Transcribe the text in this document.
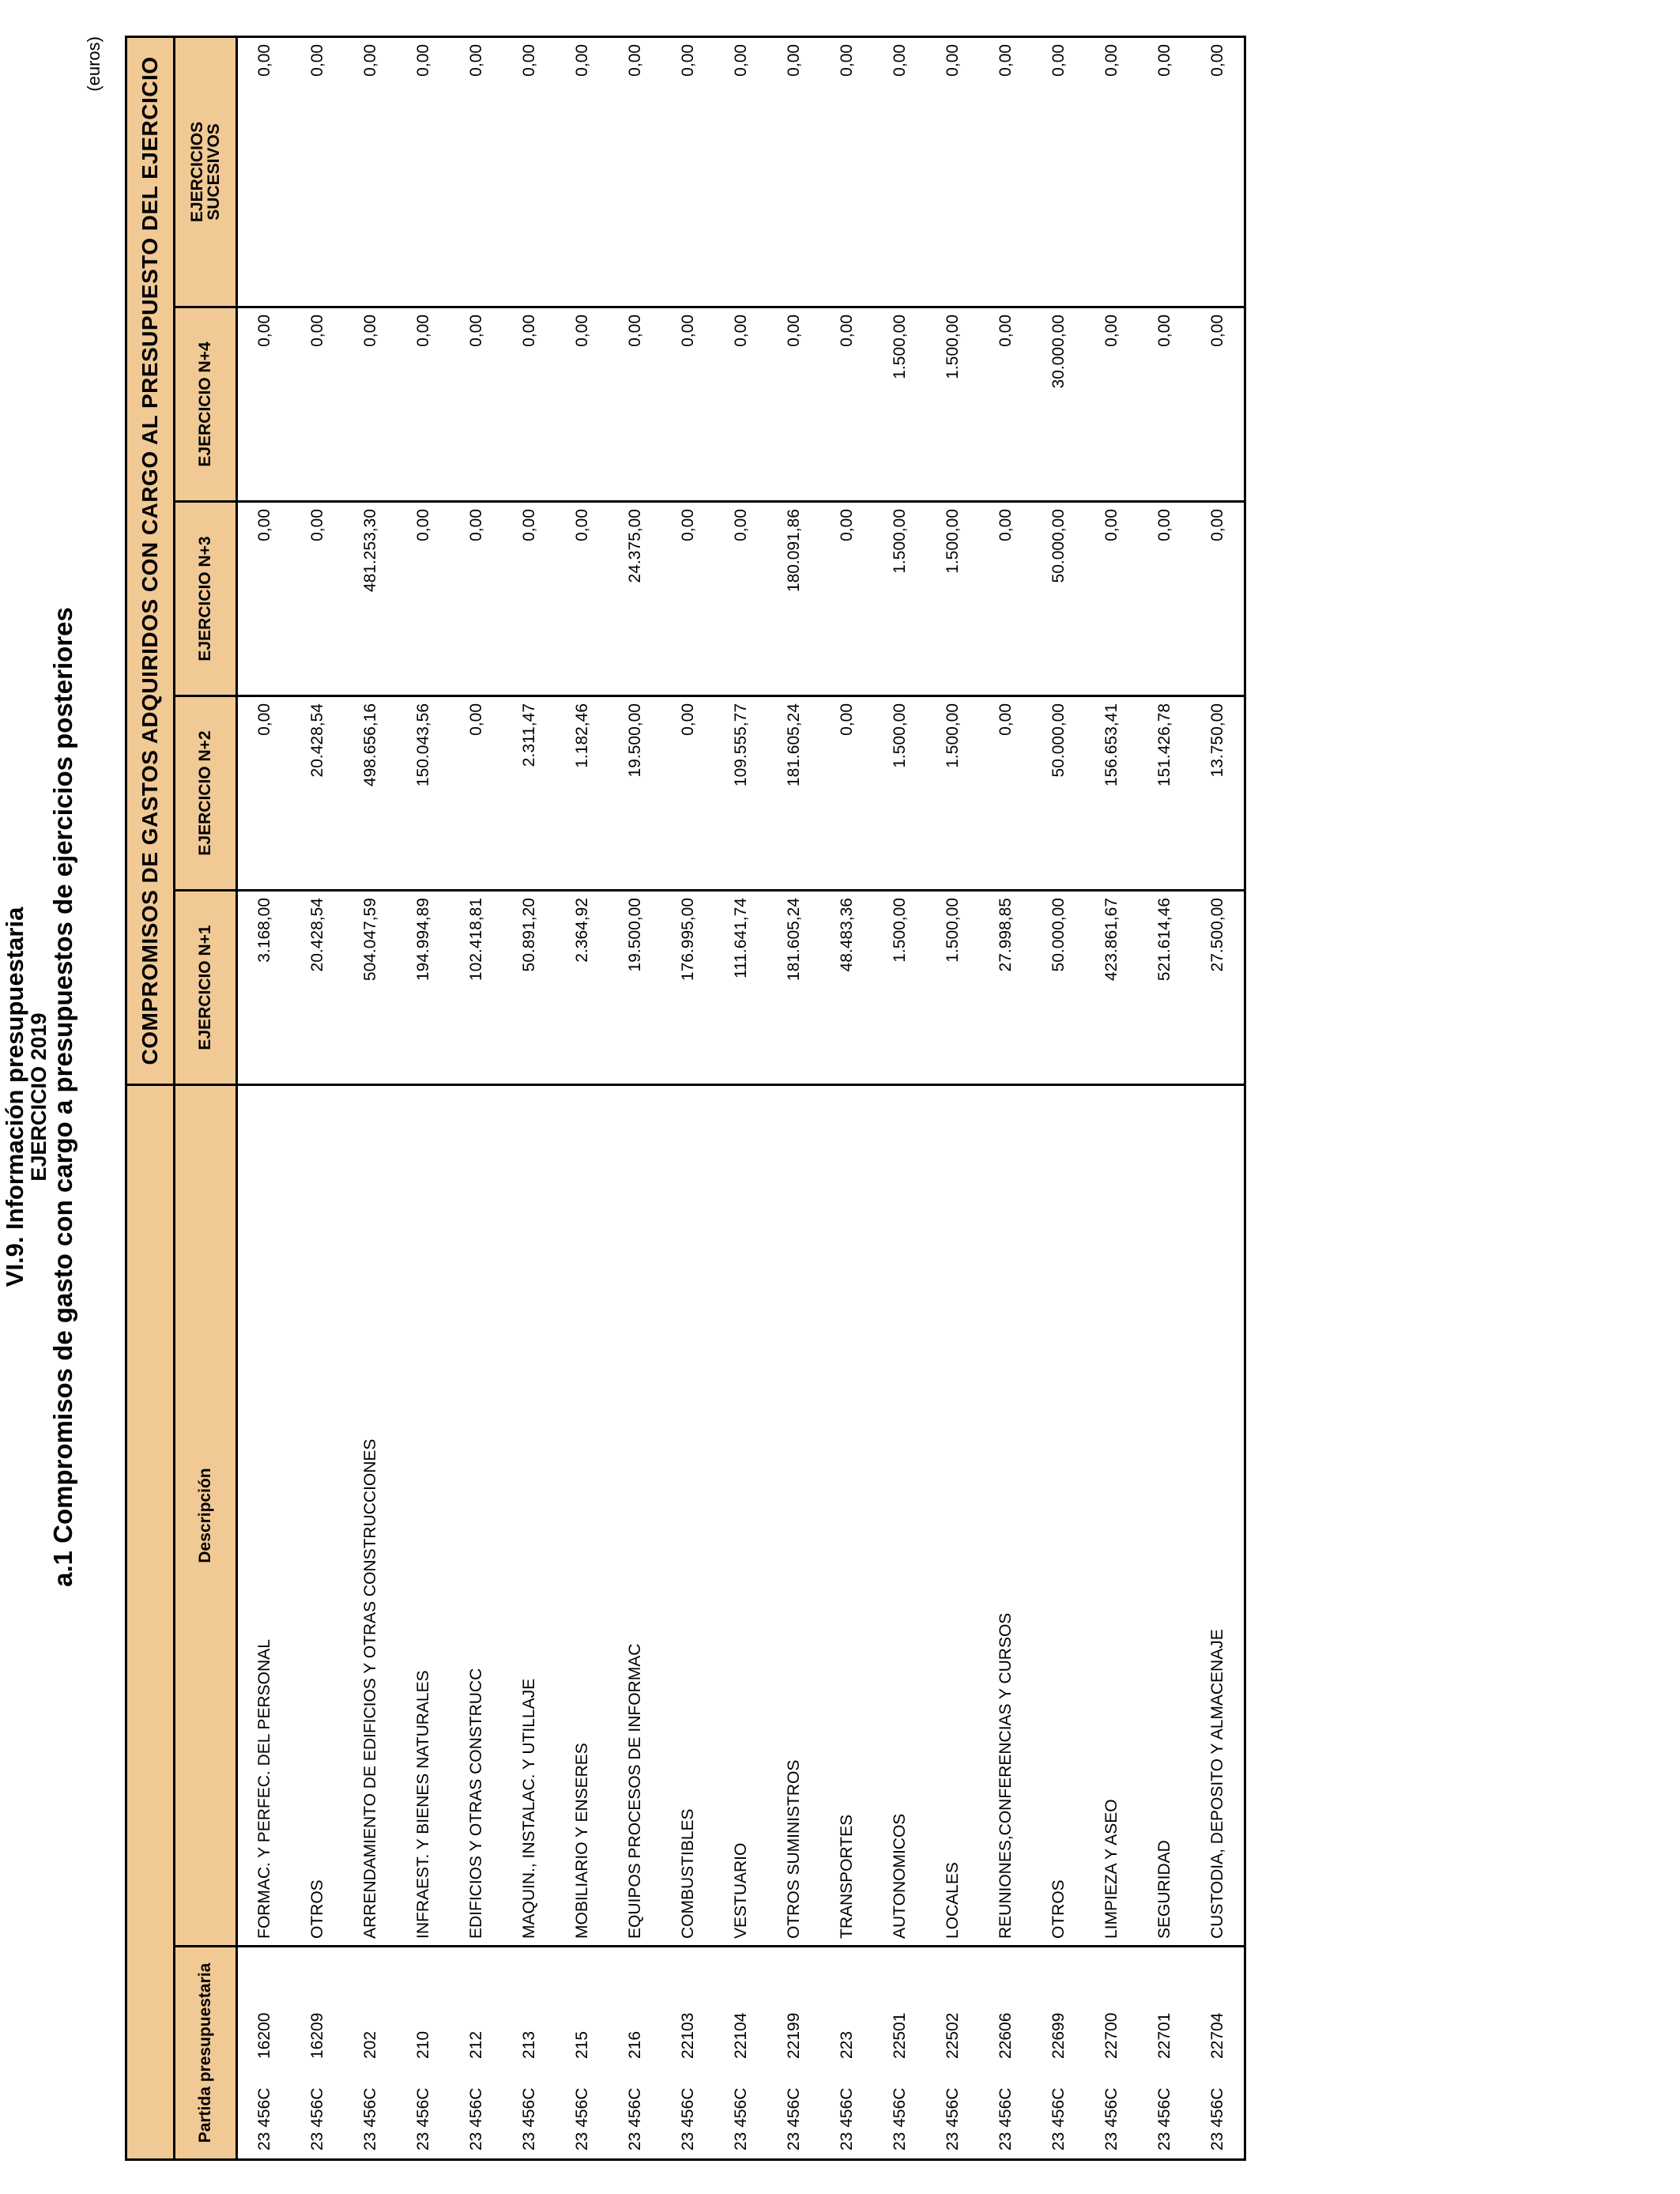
VI.9. Información presupuestaria
EJERCICIO 2019
a.1 Compromisos de gasto con cargo a presupuestos de ejercicios posteriores
(euros)
		COMPROMISOS DE GASTOS ADQUIRIDOS CON CARGO AL PRESUPUESTO DEL EJERCICIO				
		EJERCICIO N+1	EJERCICIO N+2	EJERCICIO N+3	EJERCICIO N+4	EJERCICIOS
SUCESIVOS

Partida presupuestaria	Descripción					
23 456C16200	FORMAC. Y PERFEC. DEL PERSONAL	3.168,00	0,00	0,00	0,00	0,00
23 456C16209	OTROS	20.428,54	20.428,54	0,00	0,00	0,00
23 456C202	ARRENDAMIENTO DE EDIFICIOS Y OTRAS CONSTRUCCIONES	504.047,59	498.656,16	481.253,30	0,00	0,00
23 456C210	INFRAEST. Y BIENES NATURALES	194.994,89	150.043,56	0,00	0,00	0,00
23 456C212	EDIFICIOS Y OTRAS CONSTRUCC	102.418,81	0,00	0,00	0,00	0,00
23 456C213	MAQUIN., INSTALAC. Y UTILLAJE	50.891,20	2.311,47	0,00	0,00	0,00
23 456C215	MOBILIARIO Y ENSERES	2.364,92	1.182,46	0,00	0,00	0,00
23 456C216	EQUIPOS PROCESOS DE INFORMAC	19.500,00	19.500,00	24.375,00	0,00	0,00
23 456C22103	COMBUSTIBLES	176.995,00	0,00	0,00	0,00	0,00
23 456C22104	VESTUARIO	111.641,74	109.555,77	0,00	0,00	0,00
23 456C22199	OTROS SUMINISTROS	181.605,24	181.605,24	180.091,86	0,00	0,00
23 456C223	TRANSPORTES	48.483,36	0,00	0,00	0,00	0,00
23 456C22501	AUTONOMICOS	1.500,00	1.500,00	1.500,00	1.500,00	0,00
23 456C22502	LOCALES	1.500,00	1.500,00	1.500,00	1.500,00	0,00
23 456C22606	REUNIONES,CONFERENCIAS Y CURSOS	27.998,85	0,00	0,00	0,00	0,00
23 456C22699	OTROS	50.000,00	50.000,00	50.000,00	30.000,00	0,00
23 456C22700	LIMPIEZA Y ASEO	423.861,67	156.653,41	0,00	0,00	0,00
23 456C22701	SEGURIDAD	521.614,46	151.426,78	0,00	0,00	0,00
23 456C22704	CUSTODIA, DEPOSITO Y ALMACENAJE	27.500,00	13.750,00	0,00	0,00	0,00
